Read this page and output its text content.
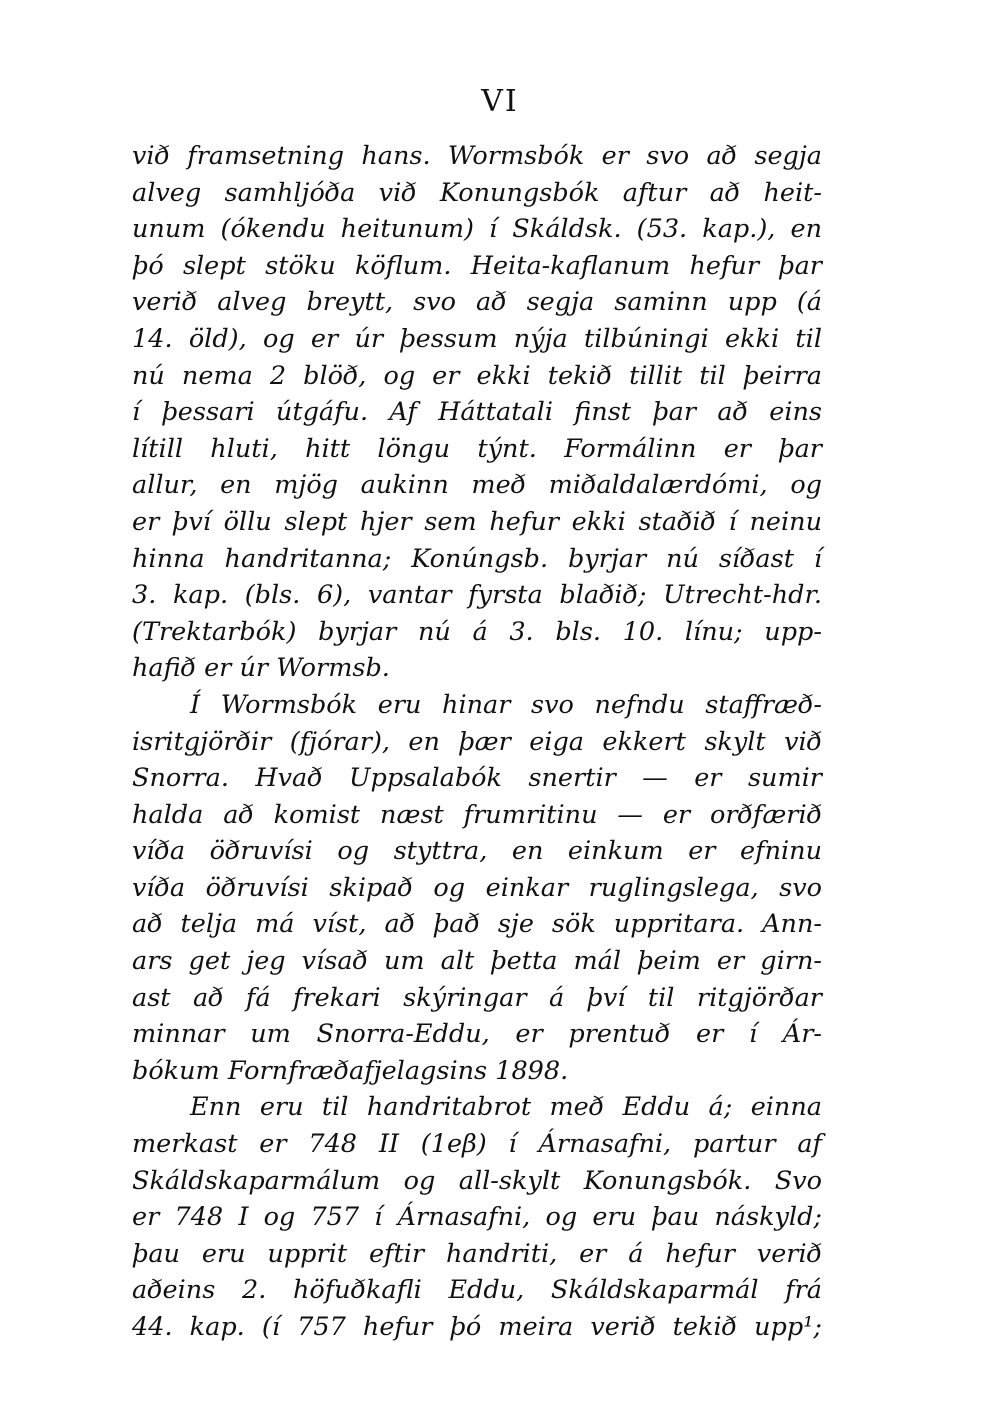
VI
við framsetning hans. Wormsbók er svo að segja
alveg samhljóða við Konungsbók aftur að heit-
unum (ókendu heitunum) í Skáldsk. (53. kap.), en
þó slept stöku köflum. Heita-kaflanum hefur þar
verið alveg breytt, svo að segja saminn upp (á
14. öld), og er úr þessum nýja tilbúningi ekki til
nú nema 2 blöð, og er ekki tekið tillit til þeirra
í þessari útgáfu. Af Háttatali finst þar að eins
lítill hluti, hitt löngu týnt. Formálinn er þar
allur, en mjög aukinn með miðaldalærdómi, og
er því öllu slept hjer sem hefur ekki staðið í neinu
hinna handritanna; Konúngsb. byrjar nú síðast í
3. kap. (bls. 6), vantar fyrsta blaðið; Utrecht-hdr.
(Trektarbók) byrjar nú á 3. bls. 10. línu; upp-
hafið er úr Wormsb.
Í Wormsbók eru hinar svo nefndu staffræð-
isritgjörðir (fjórar), en þær eiga ekkert skylt við
Snorra. Hvað Uppsalabók snertir — er sumir
halda að komist næst frumritinu — er orðfærið
víða öðruvísi og styttra, en einkum er efninu
víða öðruvísi skipað og einkar ruglingslega, svo
að telja má víst, að það sje sök uppritara. Ann-
ars get jeg vísað um alt þetta mál þeim er girn-
ast að fá frekari skýringar á því til ritgjörðar
minnar um Snorra-Eddu, er prentuð er í Ár-
bókum Fornfræðafjelagsins 1898.
Enn eru til handritabrot með Eddu á; einna
merkast er 748 II (1eβ) í Árnasafni, partur af
Skáldskaparmálum og all-skylt Konungsbók. Svo
er 748 I og 757 í Árnasafni, og eru þau náskyld;
þau eru upprit eftir handriti, er á hefur verið
aðeins 2. höfuðkafli Eddu, Skáldskaparmál frá
44. kap. (í 757 hefur þó meira verið tekið upp¹;
